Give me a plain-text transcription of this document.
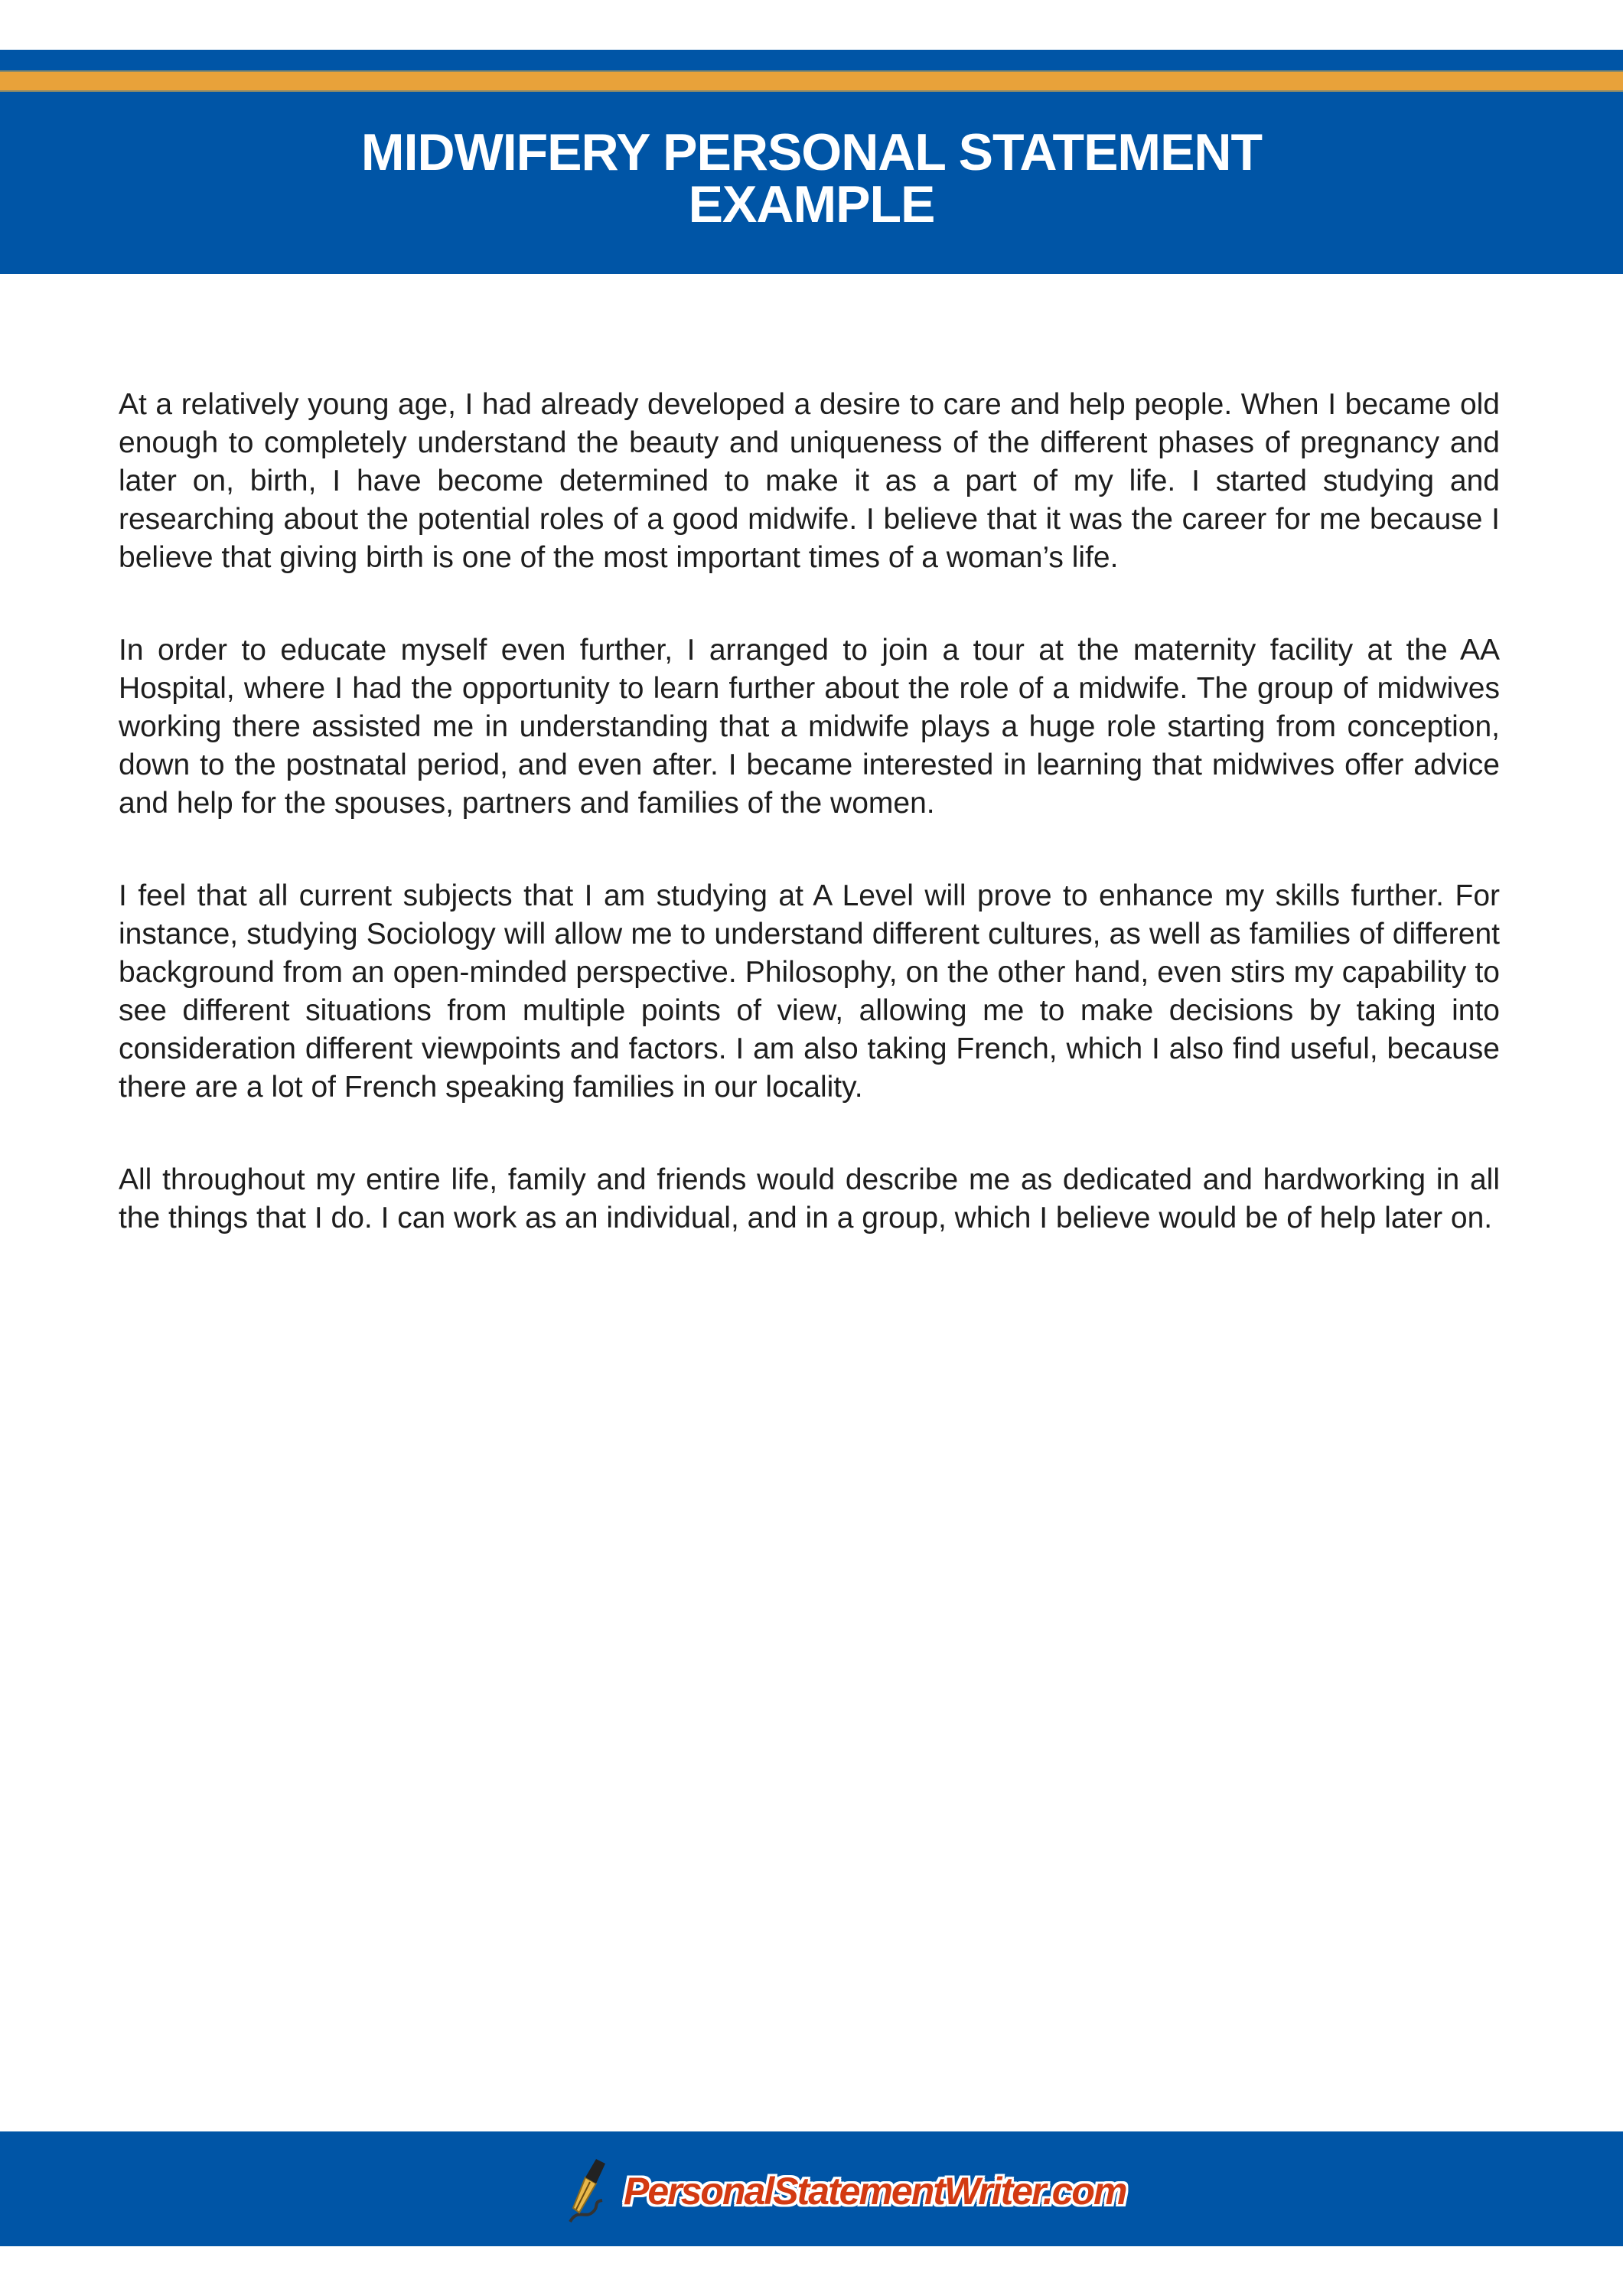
MIDWIFERY PERSONAL STATEMENT
EXAMPLE

At a relatively young age, I had already developed a desire to care and help people. When I became old enough to completely understand the beauty and uniqueness of the different phases of pregnancy and later on, birth, I have become determined to make it as a part of my life. I started studying and researching about the potential roles of a good midwife. I believe that it was the career for me because I believe that giving birth is one of the most important times of a woman’s life.

In order to educate myself even further, I arranged to join a tour at the maternity facility at the AA Hospital, where I had the opportunity to learn further about the role of a midwife. The group of midwives working there assisted me in understanding that a midwife plays a huge role starting from conception, down to the postnatal period, and even after. I became interested in learning that midwives offer advice and help for the spouses, partners and families of the women.

I feel that all current subjects that I am studying at A Level will prove to enhance my skills further. For instance, studying Sociology will allow me to understand different cultures, as well as families of different background from an open-minded perspective. Philosophy, on the other hand, even stirs my capability to see different situations from multiple points of view, allowing me to make decisions by taking into consideration different viewpoints and factors. I am also taking French, which I also find useful, because there are a lot of French speaking families in our locality.

All throughout my entire life, family and friends would describe me as dedicated and hardworking in all the things that I do. I can work as an individual, and in a group, which I believe would be of help later on.

PersonalStatementWriter.com
